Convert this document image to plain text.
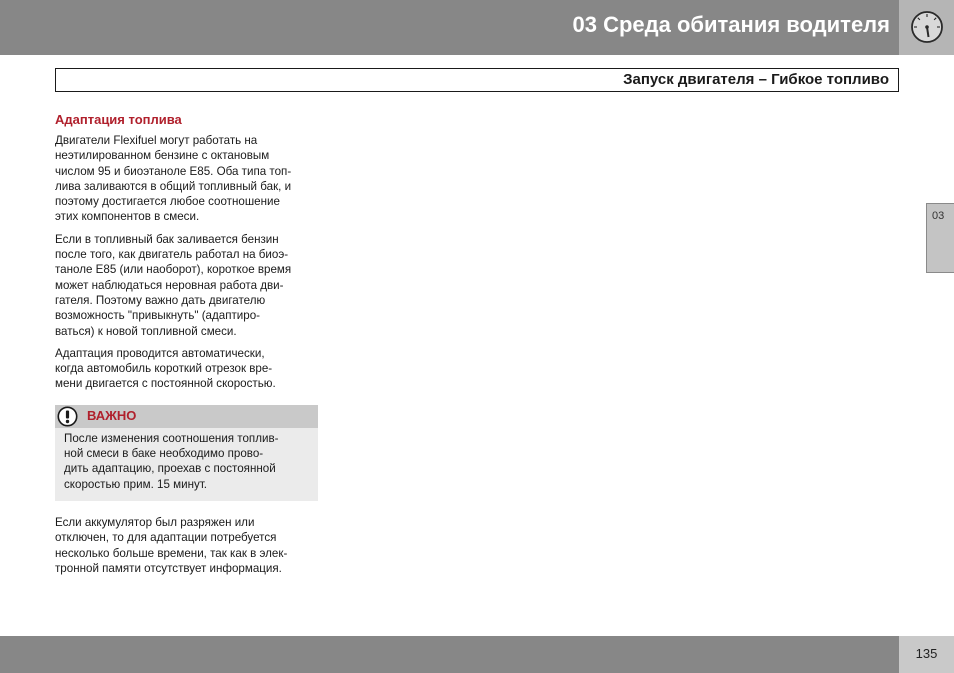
03 Среда обитания водителя
Запуск двигателя – Гибкое топливо
03
Адаптация топлива

Двигатели Flexifuel могут работать на
неэтилированном бензине с октановым
числом 95 и биоэтаноле E85. Оба типа топ-
лива заливаются в общий топливный бак, и
поэтому достигается любое соотношение
этих компонентов в смеси.

Если в топливный бак заливается бензин
после того, как двигатель работал на биоэ-
таноле E85 (или наоборот), короткое время
может наблюдаться неровная работа дви-
гателя. Поэтому важно дать двигателю
возможность "привыкнуть" (адаптиро-
ваться) к новой топливной смеси.

Адаптация проводится автоматически,
когда автомобиль короткий отрезок вре-
мени двигается с постоянной скоростью.

ВАЖНО
После изменения соотношения топлив-
ной смеси в баке необходимо прово-
дить адаптацию, проехав с постоянной
скоростью прим. 15 минут.

Если аккумулятор был разряжен или
отключен, то для адаптации потребуется
несколько больше времени, так как в элек-
тронной памяти отсутствует информация.

135
